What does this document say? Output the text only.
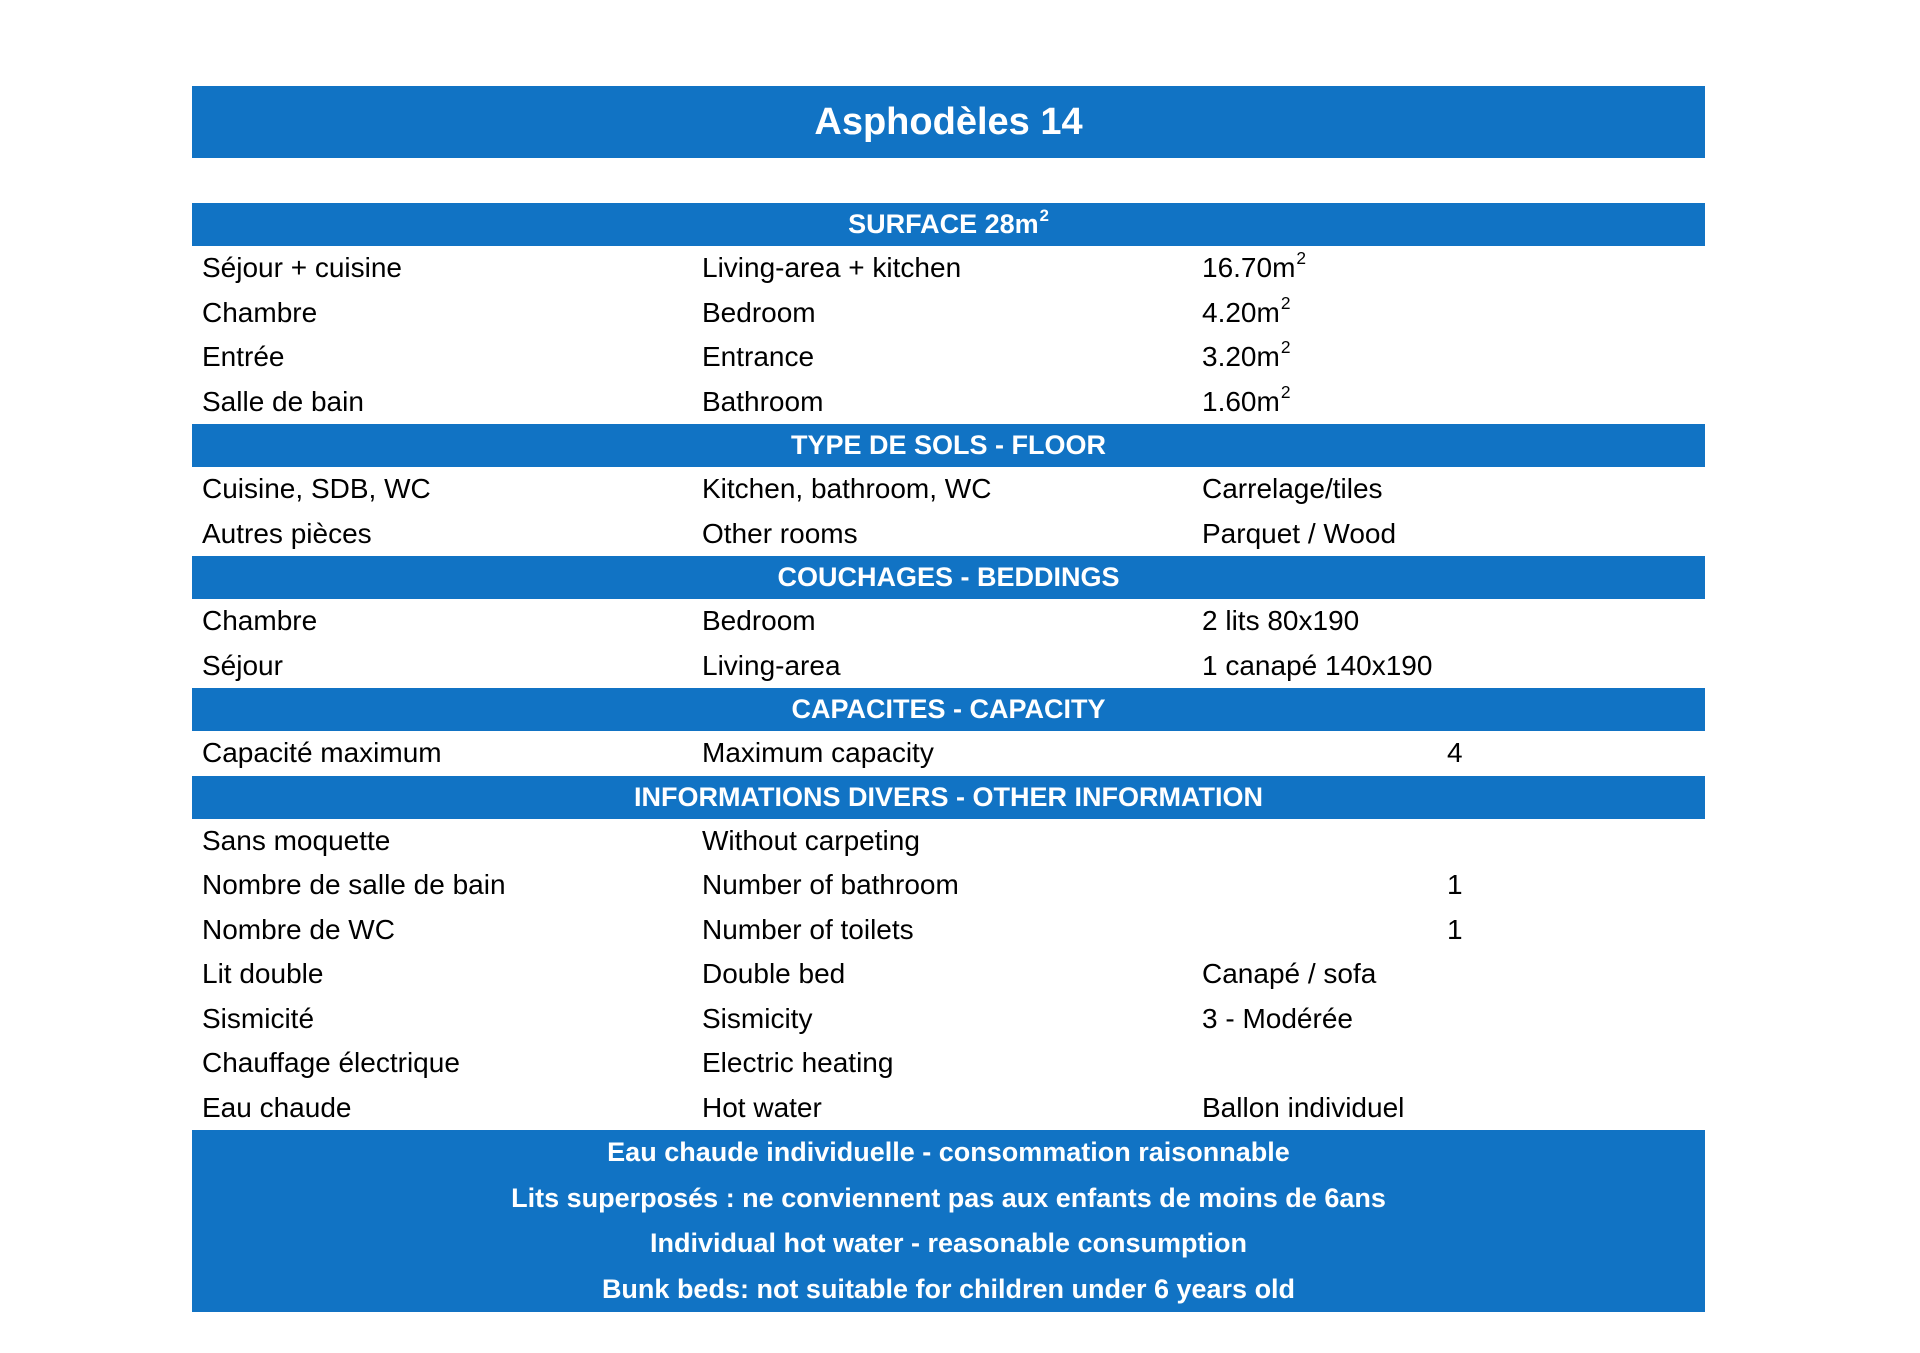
Asphodèles 14
SURFACE $28m^2$
Séjour + cuisine	Living-area + kitchen	$16.70m^2$
Chambre	Bedroom	$4.20m^2$
Entrée	Entrance	$3.20m^2$
Salle de bain	Bathroom	$1.60m^2$
TYPE DE SOLS - FLOOR
Cuisine, SDB, WC	Kitchen, bathroom, WC	Carrelage/tiles
Autres pièces	Other rooms	Parquet / Wood
COUCHAGES - BEDDINGS
Chambre	Bedroom	2 lits 80x190
Séjour	Living-area	1 canapé 140x190
CAPACITES - CAPACITY
Capacité maximum	Maximum capacity	4
INFORMATIONS DIVERS - OTHER INFORMATION
Sans moquette	Without carpeting
Nombre de salle de bain	Number of bathroom	1
Nombre de WC	Number of toilets	1
Lit double	Double bed	Canapé / sofa
Sismicité	Sismicity	3 - Modérée
Chauffage électrique	Electric heating
Eau chaude	Hot water	Ballon individuel
Eau chaude individuelle - consommation raisonnable
Lits superposés : ne conviennent pas aux enfants de moins de 6ans
Individual hot water - reasonable consumption
Bunk beds: not suitable for children under 6 years old
